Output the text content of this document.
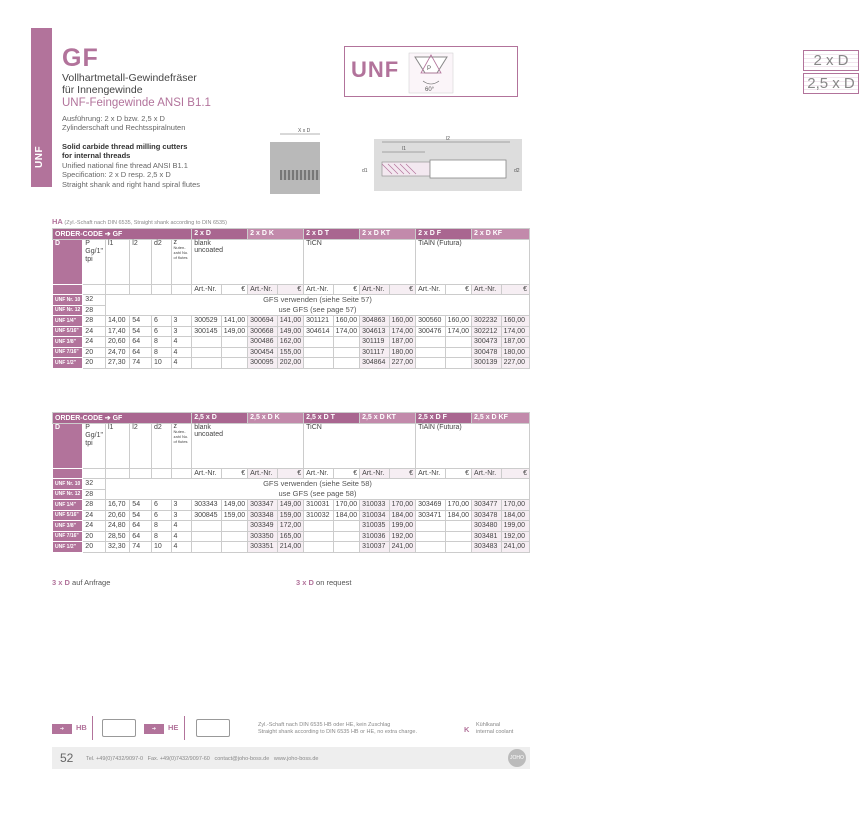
UNF
GF
Vollhartmetall-Gewindefräser
für Innengewinde
UNF-Feingewinde ANSI B1.1
Ausführung: 2 x D bzw. 2,5 x D
Zylinderschaft und Rechtsspiralnuten
Solid carbide thread milling cutters
for internal threads
Unified national fine thread ANSI B1.1
Specification: 2 x D resp. 2,5 x D
Straight shank and right hand spiral flutes
UNF	P
60°
2 x D
2,5 x D
X x D
l2
l1
d1	d2
HA (Zyl.-Schaft nach DIN 6535, Straight shank according to DIN 6535)
ORDER-CODE ➔ GF						2 x D		2 x D K		2 x D T		2 x D KT		2 x D F		2 x D KF	
D	P
Gg/1"
tpi	l1	l2	d2	z
Nuten-zahl No. of flutes	blank
uncoated				TiCN				TiAlN (Futura)			
						Art.-Nr.	€	Art.-Nr.	€	Art.-Nr.	€	Art.-Nr.	€	Art.-Nr.	€	Art.-Nr.	€
UNF Nr. 10	32	GFS verwenden (siehe Seite 57)
use GFS (see page 57)															

UNF Nr. 12	28																
UNF 1/4"	28	14,00	54	6	3	300529	141,00	300694	141,00	301121	160,00	304863	160,00	300560	160,00	302232	160,00
UNF 5/16"	24	17,40	54	6	3	300145	149,00	300668	149,00	304614	174,00	304613	174,00	300476	174,00	302212	174,00
UNF 3/8"	24	20,60	64	8	4			300486	162,00			301119	187,00			300473	187,00
UNF 7/16"	20	24,70	64	8	4			300454	155,00			301117	180,00			300478	180,00
UNF 1/2"	20	27,30	74	10	4			300095	202,00			304864	227,00			300139	227,00
ORDER-CODE ➔ GF						2,5 x D		2,5 x D K		2,5 x D T		2,5 x D KT		2,5 x D F		2,5 x D KF	
D	P
Gg/1"
tpi	l1	l2	d2	z
Nuten-zahl No. of flutes	blank
uncoated				TiCN				TiAlN (Futura)			
						Art.-Nr.	€	Art.-Nr.	€	Art.-Nr.	€	Art.-Nr.	€	Art.-Nr.	€	Art.-Nr.	€
UNF Nr. 10	32	GFS verwenden (siehe Seite 58)
use GFS (see page 58)															

UNF Nr. 12	28																
UNF 1/4"	28	16,70	54	6	3	303343	149,00	303347	149,00	310031	170,00	310033	170,00	303469	170,00	303477	170,00
UNF 5/16"	24	20,60	54	6	3	300845	159,00	303348	159,00	310032	184,00	310034	184,00	303471	184,00	303478	184,00
UNF 3/8"	24	24,80	64	8	4			303349	172,00			310035	199,00			303480	199,00
UNF 7/16"	20	28,50	64	8	4			303350	165,00			310036	192,00			303481	192,00
UNF 1/2"	20	32,30	74	10	4			303351	214,00			310037	241,00			303483	241,00
3 x D auf Anfrage	3 x D on request
➔	HB	➔	HE	Zyl.-Schaft nach DIN 6535 HB oder HE, kein Zuschlag
Straight shank according to DIN 6535 HB or HE, no extra charge.	K Kühlkanal
internal coolant
52 Tel. +49(0)7432/9097-0 Fax. +49(0)7432/9097-60 contact@joho-boss.de www.joho-boss.de	JOHO
